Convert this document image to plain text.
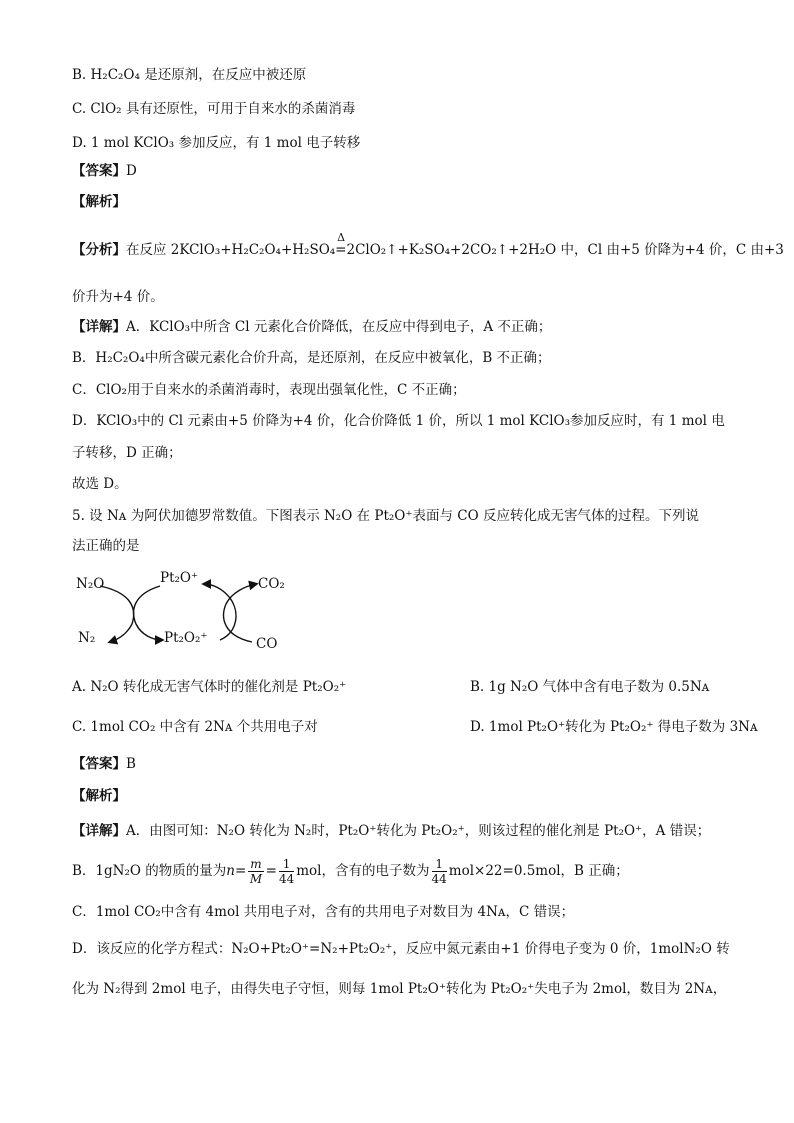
B. H₂C₂O₄ 是还原剂，在反应中被还原
C. ClO₂ 具有还原性，可用于自来水的杀菌消毒
D. 1 mol KClO₃ 参加反应，有 1 mol 电子转移
【答案】D
【解析】
【分析】在反应 2KClO₃+H₂C₂O₄+H₂SO₄
Δ
=2ClO₂↑+K₂SO₄+2CO₂↑+2H₂O 中，Cl 由+5 价降为+4 价，C 由+3
价升为+4 价。
【详解】A．KClO₃中所含 Cl 元素化合价降低，在反应中得到电子，A 不正确；
B．H₂C₂O₄中所含碳元素化合价升高，是还原剂，在反应中被氧化，B 不正确；
C．ClO₂用于自来水的杀菌消毒时，表现出强氧化性，C 不正确；
D．KClO₃中的 Cl 元素由+5 价降为+4 价，化合价降低 1 价，所以 1 mol KClO₃参加反应时，有 1 mol 电
子转移，D 正确；
故选 D。
5. 设 Nᴀ 为阿伏加德罗常数值。下图表示 N₂O 在 Pt₂O⁺表面与 CO 反应转化成无害气体的过程。下列说
法正确的是
N₂O	Pt₂O⁺	CO₂
N₂	Pt₂O₂⁺	CO
A. N₂O 转化成无害气体时的催化剂是 Pt₂O₂⁺	B. 1g N₂O 气体中含有电子数为 0.5Nᴀ
C. 1mol CO₂ 中含有 2Nᴀ 个共用电子对	D. 1mol Pt₂O⁺转化为 Pt₂O₂⁺ 得电子数为 3Nᴀ
【答案】B
【解析】
【详解】A．由图可知：N₂O 转化为 N₂时，Pt₂O⁺转化为 Pt₂O₂⁺，则该过程的催化剂是 Pt₂O⁺，A 错误；
B．1gN₂O 的物质的量为$n= \frac{m}{M} = \frac{1}{44}$ mol，含有的电子数为 $\frac{1}{44} mol\times 22=0.5mol$，B 正确；
C．1mol CO₂中含有 4mol 共用电子对，含有的共用电子对数目为 4Nᴀ，C 错误；
D．该反应的化学方程式：N₂O+Pt₂O⁺=N₂+Pt₂O₂⁺，反应中氮元素由+1 价得电子变为 0 价，1molN₂O 转
化为 N₂得到 2mol 电子，由得失电子守恒，则每 1mol Pt₂O⁺转化为 Pt₂O₂⁺失电子为 2mol，数目为 2Nᴀ，
